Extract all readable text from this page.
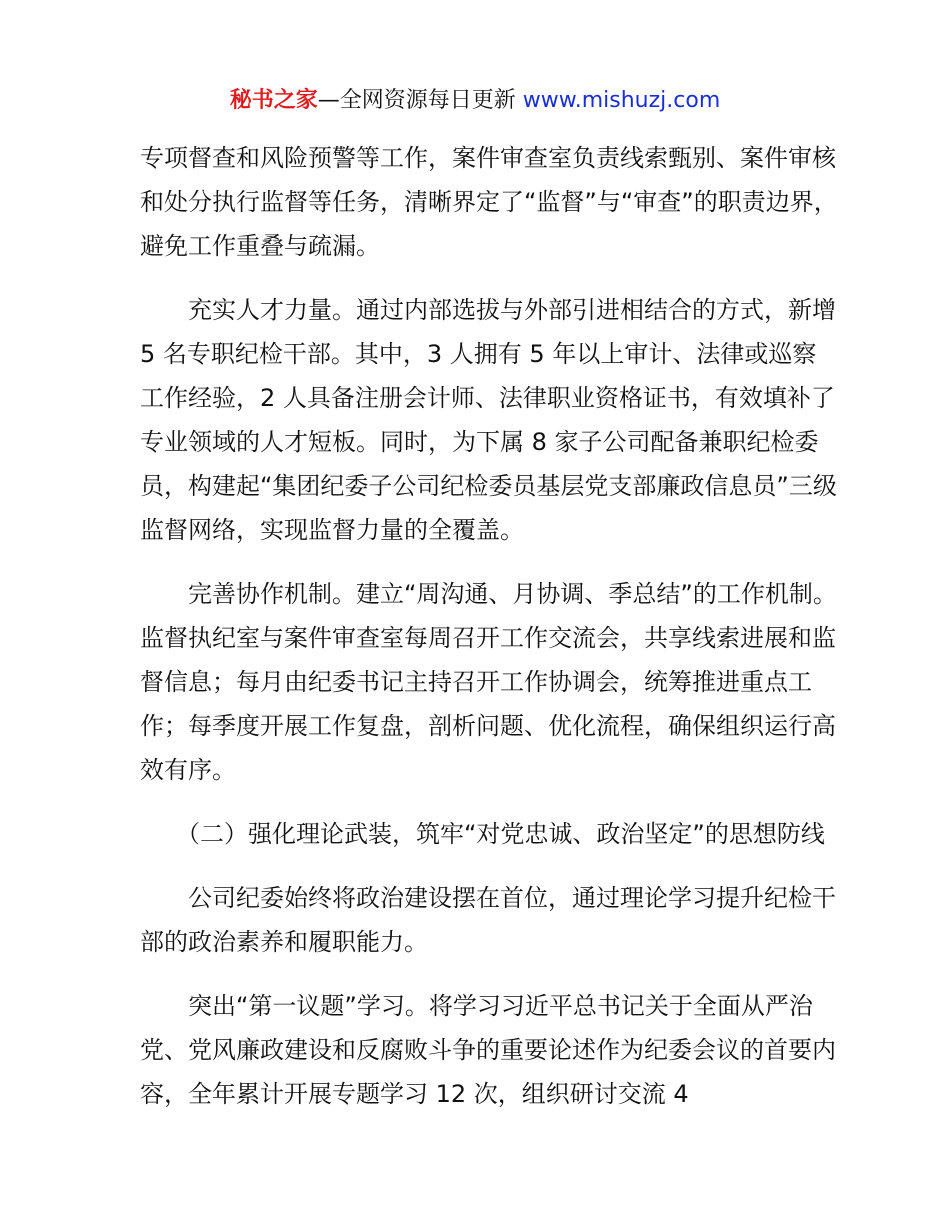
秘书之家—全网资源每日更新 www.mishuzj.com

专项督查和风险预警等工作，案件审查室负责线索甄别、案件审核和处分执行监督等任务，清晰界定了“监督”与“审查”的职责边界，避免工作重叠与疏漏。

充实人才力量。通过内部选拔与外部引进相结合的方式，新增 5 名专职纪检干部。其中，3 人拥有 5 年以上审计、法律或巡察工作经验，2 人具备注册会计师、法律职业资格证书，有效填补了专业领域的人才短板。同时，为下属 8 家子公司配备兼职纪检委员，构建起“集团纪委子公司纪检委员基层党支部廉政信息员”三级监督网络，实现监督力量的全覆盖。

完善协作机制。建立“周沟通、月协调、季总结”的工作机制。监督执纪室与案件审查室每周召开工作交流会，共享线索进展和监督信息；每月由纪委书记主持召开工作协调会，统筹推进重点工作；每季度开展工作复盘，剖析问题、优化流程，确保组织运行高效有序。

（二）强化理论武装，筑牢“对党忠诚、政治坚定”的思想防线

公司纪委始终将政治建设摆在首位，通过理论学习提升纪检干部的政治素养和履职能力。

突出“第一议题”学习。将学习习近平总书记关于全面从严治党、党风廉政建设和反腐败斗争的重要论述作为纪委会议的首要内容，全年累计开展专题学习 12 次，组织研讨交流 4
